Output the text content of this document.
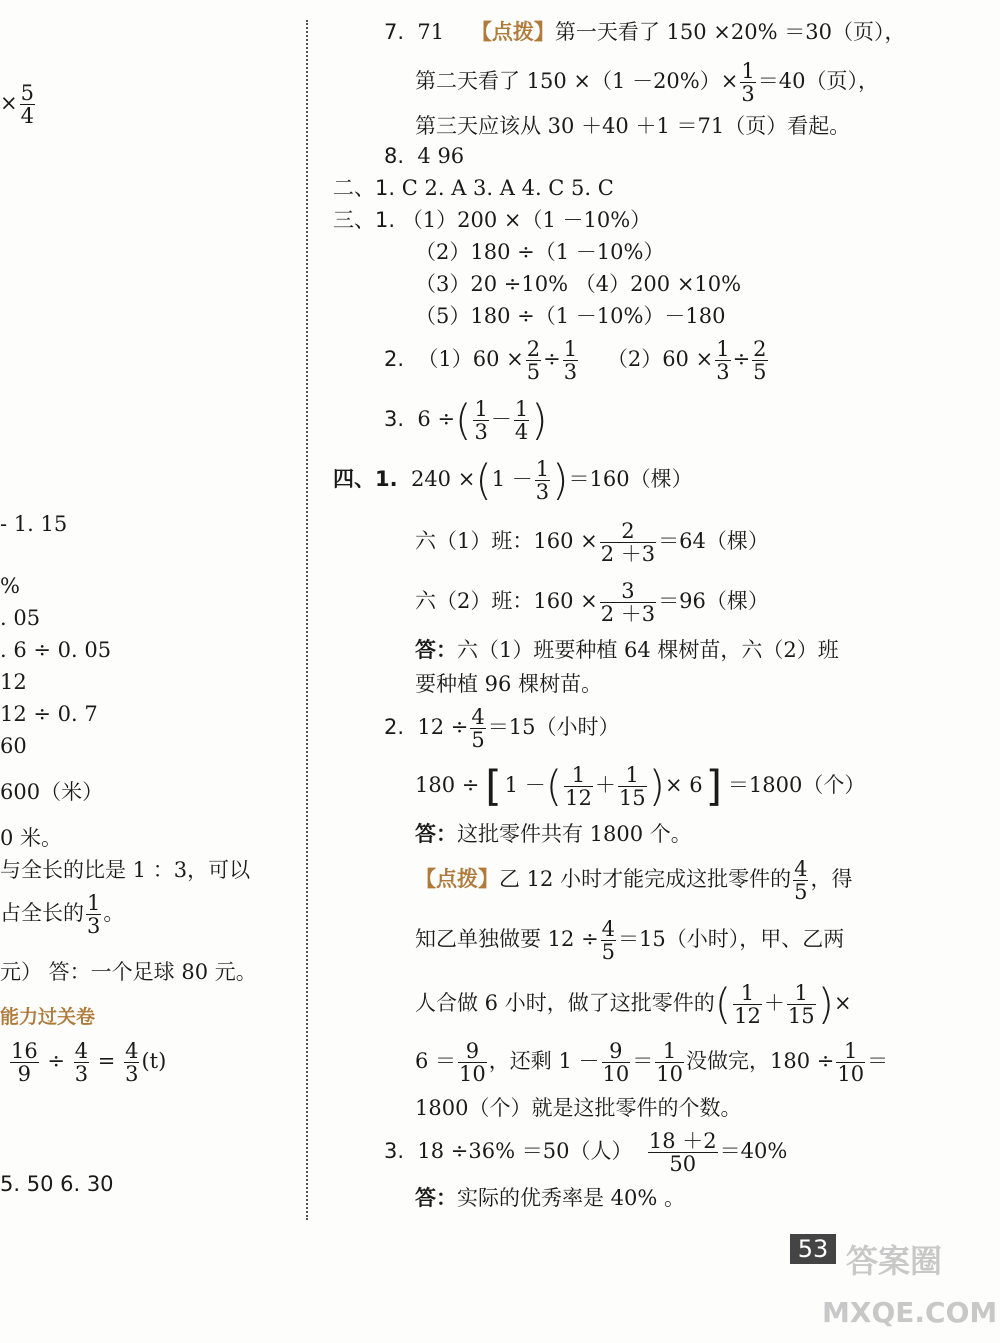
× $\frac{5}{4}$
- 1. 15
%
. 05
. 6 ÷ 0. 05
12
12 ÷ 0. 7
60
600（米）
0 米。
与全长的比是 1 ：3，可以
占全长的 $\frac{1}{3}$ 。
元） 答：一个足球 80 元。
能力过关卷
$\frac{16}{9} \div \frac{4}{3} = \frac{4}{3} (t)$
5. 50 6. 30
7. 71 【点拨】第一天看了 150 ×20% ＝30（页），
第二天看了 $150 \times(1 -20\%)\times \frac{1}{3} =40$（页），
第三天应该从 30 ＋40 ＋1 ＝71（页）看起。
8. 4 96
二、1. C 2. A 3. A 4. C 5. C
三、1. （1）200 ×（1 －10%）
（2）180 ÷（1 －10%）
（3）20 ÷10% （4）200 ×10%
（5）180 ÷（1 －10%）－180
2. $(1)60 \times \frac{2}{5} \div \frac{1}{3} (2)60 \times \frac{1}{3} \div \frac{2}{5}$
3. 6 ÷( $\frac{1}{3} - \frac{1}{4}$ )
四、1. $240 \times(1 - \frac{1}{3} )=160$（棵）
六（1）班：$160 \times \frac{2}{2 +3} =64$（棵）
六（2）班：$160 \times \frac{3}{2 +3} =96$（棵）
答：六（1）班要种植 64 棵树苗，六（2）班
要种植 96 棵树苗。
2. $12 \div \frac{4}{5} =15$（小时）
180 ÷[1 －( $\frac{1}{12} + \frac{1}{15}$ )× 6]＝1800（个）
答：这批零件共有 1800 个。
【点拨】乙 12 小时才能完成这批零件的 $\frac{4}{5}$ ，得
知乙单独做要 $12 \div \frac{4}{5} =15$（小时），甲、乙两
人合做 6 小时，做了这批零件的( $\frac{1}{12} + \frac{1}{15}$ )×
$6 = \frac{9}{10}$ ，还剩 $1 - \frac{9}{10} = \frac{1}{10}$ 没做完，$180 \div \frac{1}{10}$ ＝
1800（个）就是这批零件的个数。
3. 18 ÷36% ＝50（人） $\frac{18 +2}{50} =40\%$
答：实际的优秀率是 40% 。
53 答案圈
MXQE.COM
